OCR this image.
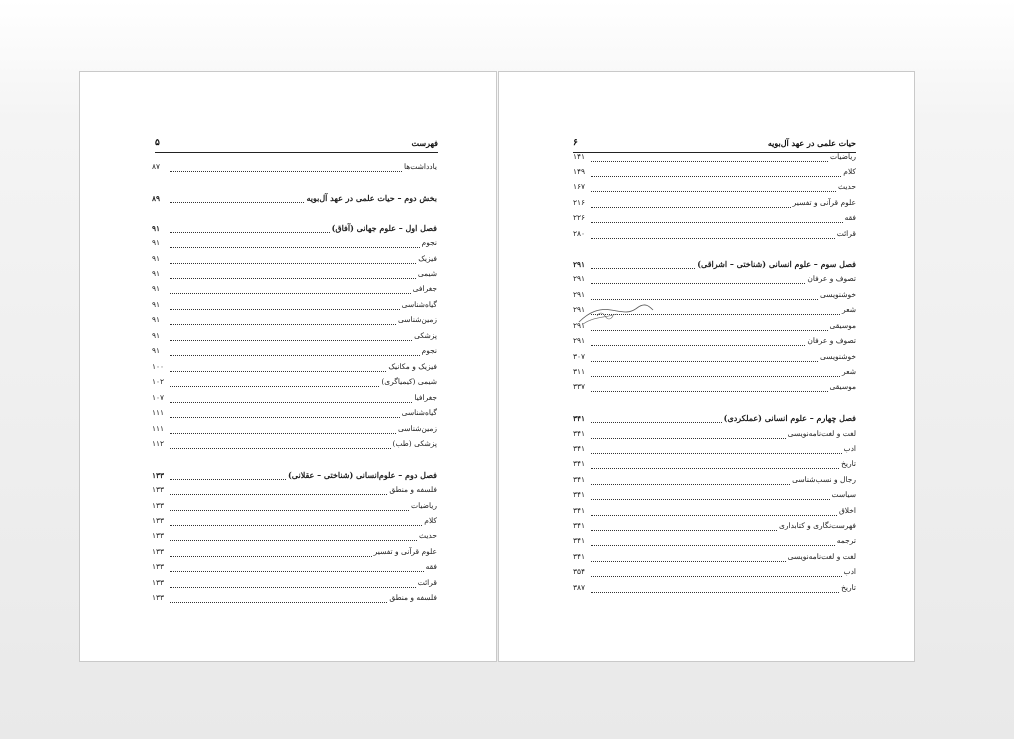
فهرست
۵
یادداشت‌ها
۸۷
بخش دوم – حیات علمی در عهد آل‌بویه
۸۹
فصل اول – علوم جهانی (آفاق)
۹۱
نجوم
۹۱
فیزیک
۹۱
شیمی
۹۱
جغرافی
۹۱
گیاه‌شناسی
۹۱
زمین‌شناسی
۹۱
پزشکی
۹۱
نجوم
۹۱
فیزیک و مکانیک
۱۰۰
شیمی (کیمیاگری)
۱۰۲
جغرافیا
۱۰۷
گیاه‌شناسی
۱۱۱
زمین‌شناسی
۱۱۱
پزشکی (طب)
۱۱۲
فصل دوم – علوم‌انسانی (شناختی – عقلانی)
۱۳۳
فلسفه و منطق
۱۳۳
ریاضیات
۱۳۳
کلام
۱۳۳
حدیث
۱۳۳
علوم قرآنی و تفسیر
۱۳۳
فقه
۱۳۳
قرائت
۱۳۳
فلسفه و منطق
۱۳۳
حیات علمی در عهد آل‌بویه
۶
ریاضیات
۱۴۱
کلام
۱۴۹
حدیث
۱۶۷
علوم قرآنی و تفسیر
۲۱۶
فقه
۲۲۶
قرائت
۲۸۰
فصل سوم – علوم انسانی (شناختی – اشراقی)
۲۹۱
تصوف و عرفان
۲۹۱
خوشنویسی
۲۹۱
شعر
۲۹۱
موسیقی
۲۹۱
تصوف و عرفان
۲۹۱
خوشنویسی
۳۰۷
شعر
۳۱۱
موسیقی
۳۳۷
فصل چهارم – علوم انسانی (عملکردی)
۳۴۱
لغت و لغت‌نامه‌نویسی
۳۴۱
ادب
۳۴۱
تاریخ
۳۴۱
رجال و نسب‌شناسی
۳۴۱
سیاست
۳۴۱
اخلاق
۳۴۱
فهرست‌نگاری و کتابداری
۳۴۱
ترجمه
۳۴۱
لغت و لغت‌نامه‌نویسی
۳۴۱
ادب
۳۵۴
تاریخ
۳۸۷
